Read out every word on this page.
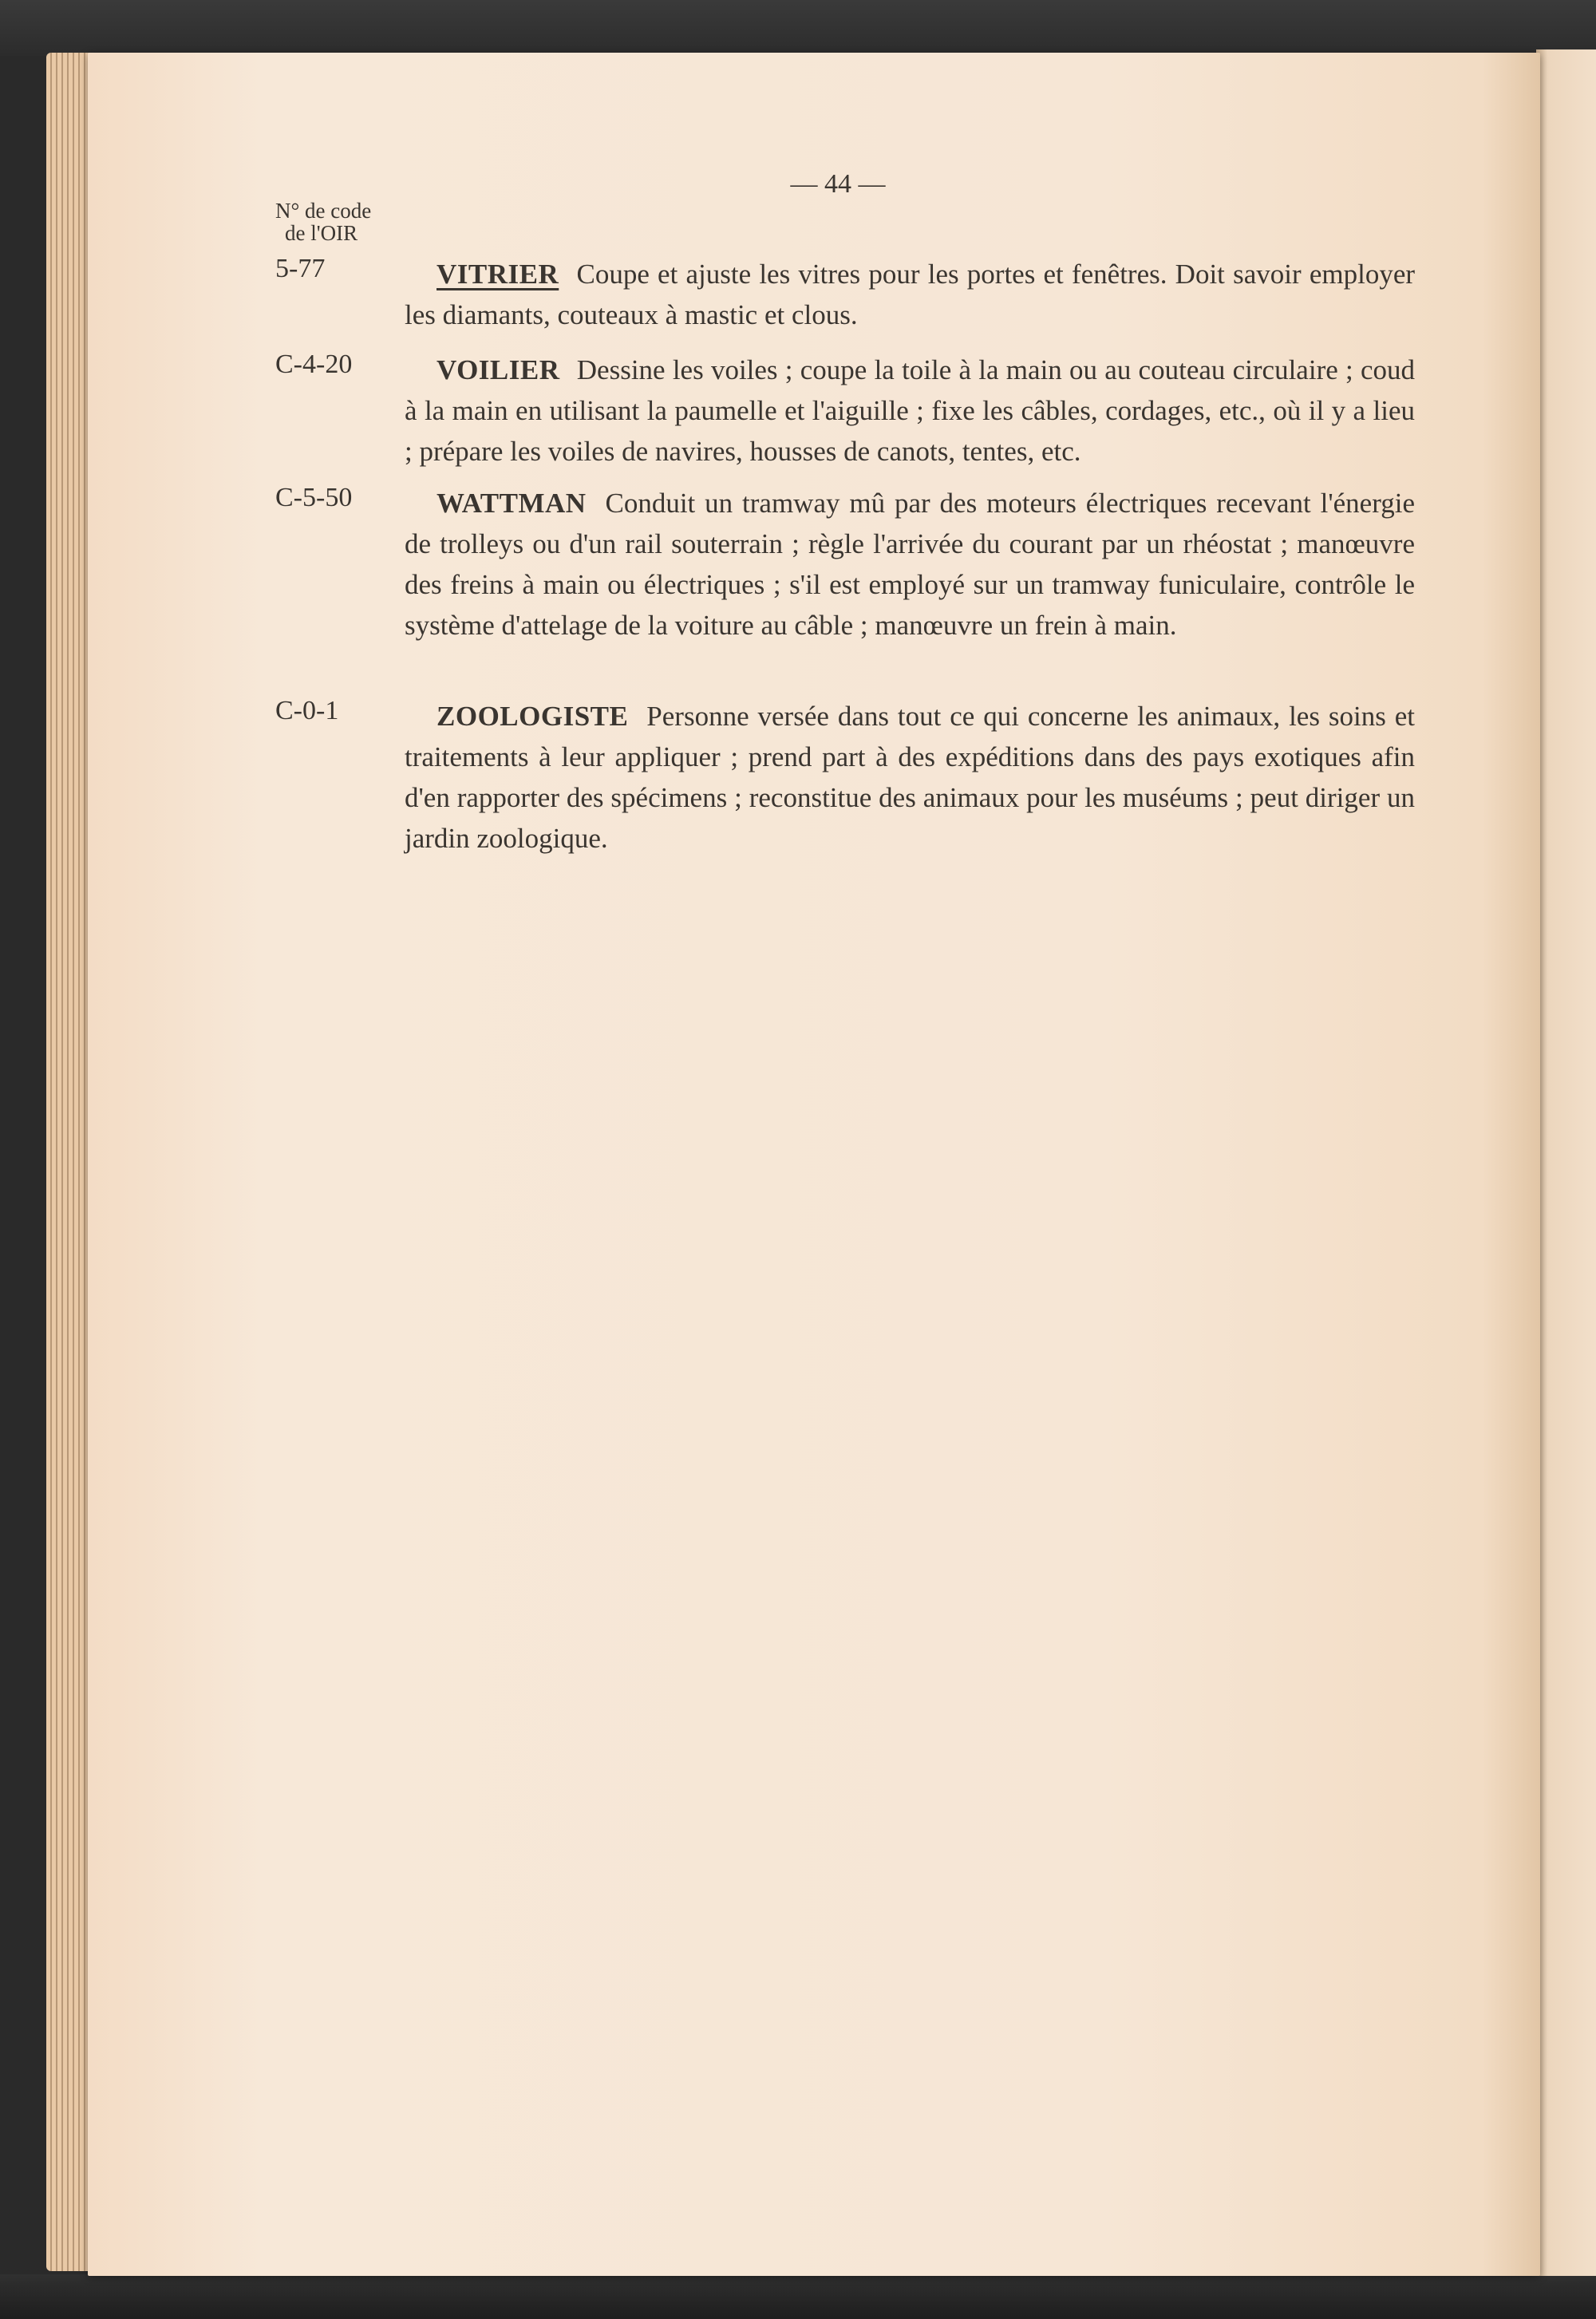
— 44 —
N° de code
de l'OIR
5-77	VITRIER Coupe et ajuste les vitres pour les portes et fenêtres. Doit savoir employer les diamants, couteaux à mastic et clous.
C-4-20	VOILIER Dessine les voiles ; coupe la toile à la main ou au couteau circulaire ; coud à la main en utilisant la paumelle et l'aiguille ; fixe les câbles, cordages, etc., où il y a lieu ; prépare les voiles de navires, housses de canots, tentes, etc.
C-5-50	WATTMAN Conduit un tramway mû par des moteurs électriques recevant l'énergie de trolleys ou d'un rail souterrain ; règle l'arrivée du courant par un rhéostat ; manœuvre des freins à main ou électriques ; s'il est employé sur un tramway funiculaire, contrôle le système d'attelage de la voiture au câble ; manœuvre un frein à main.
C-0-1	ZOOLOGISTE Personne versée dans tout ce qui concerne les animaux, les soins et traitements à leur appliquer ; prend part à des expéditions dans des pays exotiques afin d'en rapporter des spécimens ; reconstitue des animaux pour les muséums ; peut diriger un jardin zoologique.
